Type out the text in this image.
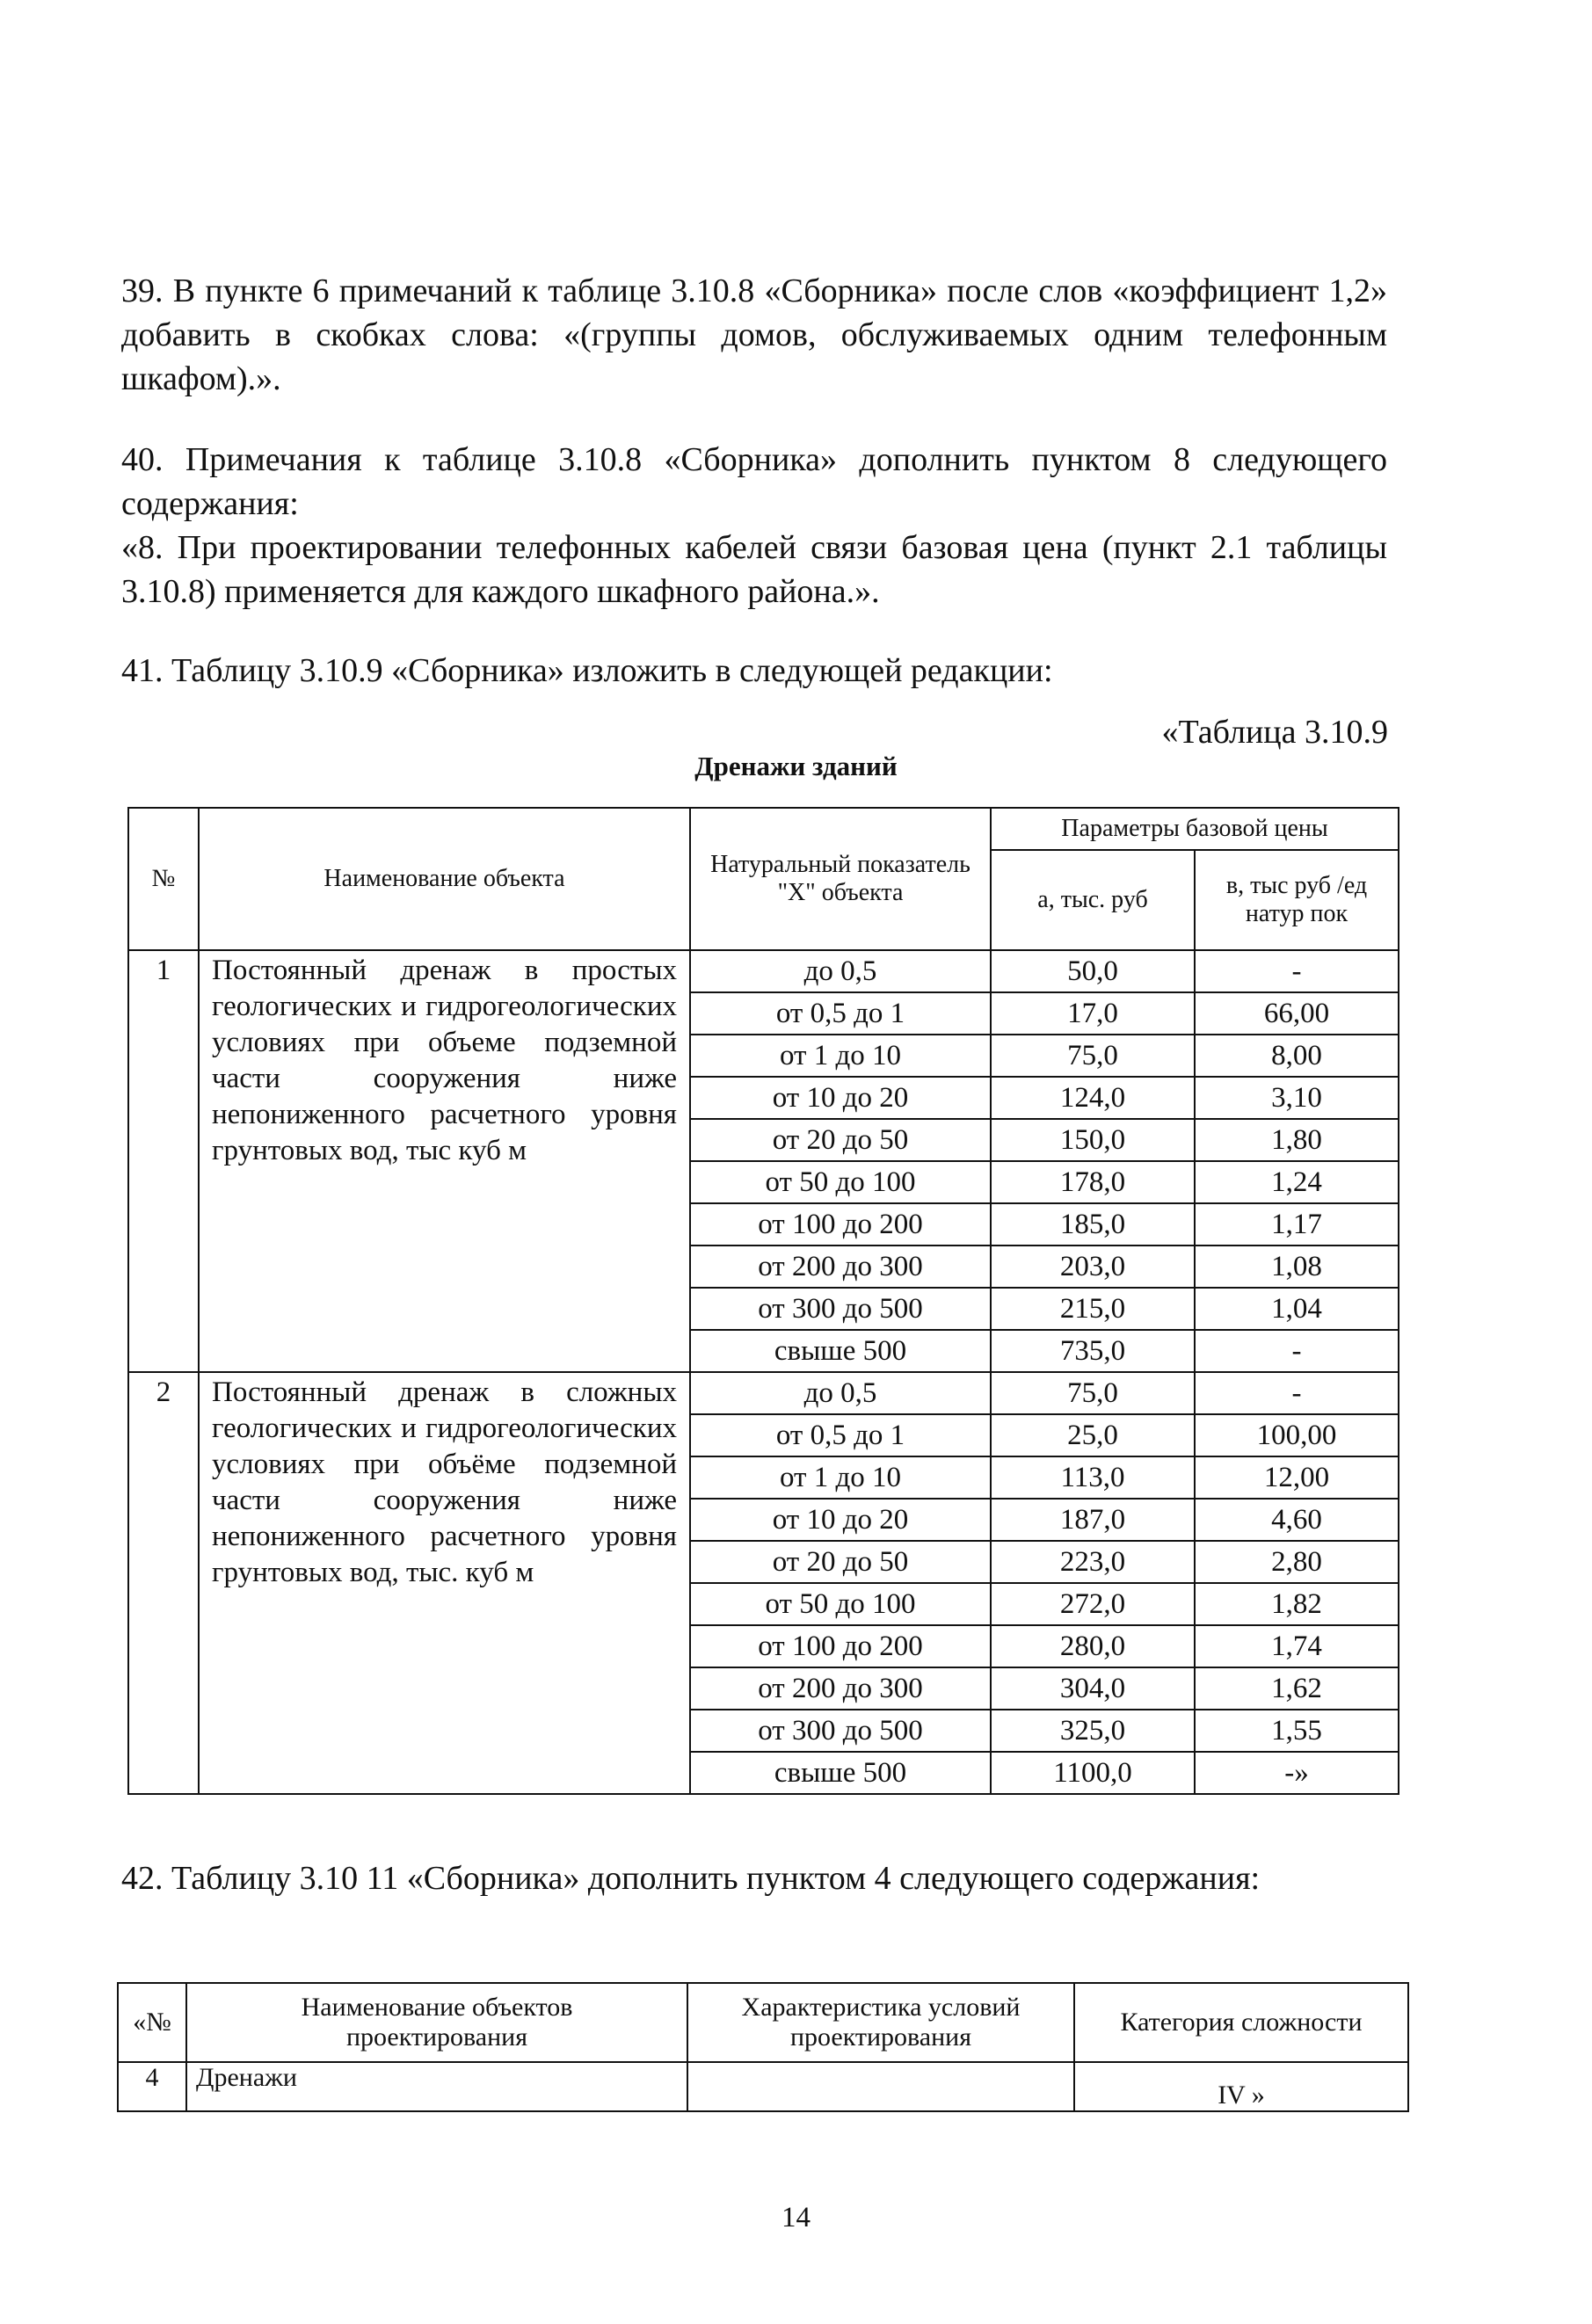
39. В пункте 6 примечаний к таблице 3.10.8 «Сборника» после слов «коэффициент 1,2» добавить в скобках слова: «(группы домов, обслуживаемых одним телефонным шкафом).».

40. Примечания к таблице 3.10.8 «Сборника» дополнить пунктом 8 следующего содержания:

«8. При проектировании телефонных кабелей связи базовая цена (пункт 2.1 таблицы 3.10.8) применяется для каждого шкафного района.».

41. Таблицу 3.10.9 «Сборника» изложить в следующей редакции:

«Таблица 3.10.9
Дренажи зданий
№	Наименование объекта	Натуральный показатель "X" объекта	Параметры базовой цены	
			а, тыс. руб	в, тыс руб /ед натур пок
1	Постоянный дренаж в простых геологических и гидрогеологических условиях при объеме подземной части сооружения ниже непониженного расчетного уровня грунтовых вод, тыс куб м	до 0,5	50,0	-
		от 0,5 до 1	17,0	66,00
		от 1 до 10	75,0	8,00
		от 10 до 20	124,0	3,10
		от 20 до 50	150,0	1,80
		от 50 до 100	178,0	1,24
		от 100 до 200	185,0	1,17
		от 200 до 300	203,0	1,08
		от 300 до 500	215,0	1,04
		свыше 500	735,0	-
2	Постоянный дренаж в сложных геологических и гидрогеологических условиях при объёме подземной части сооружения ниже непониженного расчетного уровня грунтовых вод, тыс. куб м	до 0,5	75,0	-
		от 0,5 до 1	25,0	100,00
		от 1 до 10	113,0	12,00
		от 10 до 20	187,0	4,60
		от 20 до 50	223,0	2,80
		от 50 до 100	272,0	1,82
		от 100 до 200	280,0	1,74
		от 200 до 300	304,0	1,62
		от 300 до 500	325,0	1,55
		свыше 500	1100,0	-»

42. Таблицу 3.10 11 «Сборника» дополнить пунктом 4 следующего содержания:

«№	Наименование объектов проектирования	Характеристика условий проектирования	Категория сложности
4	Дренажи		IV »
14
